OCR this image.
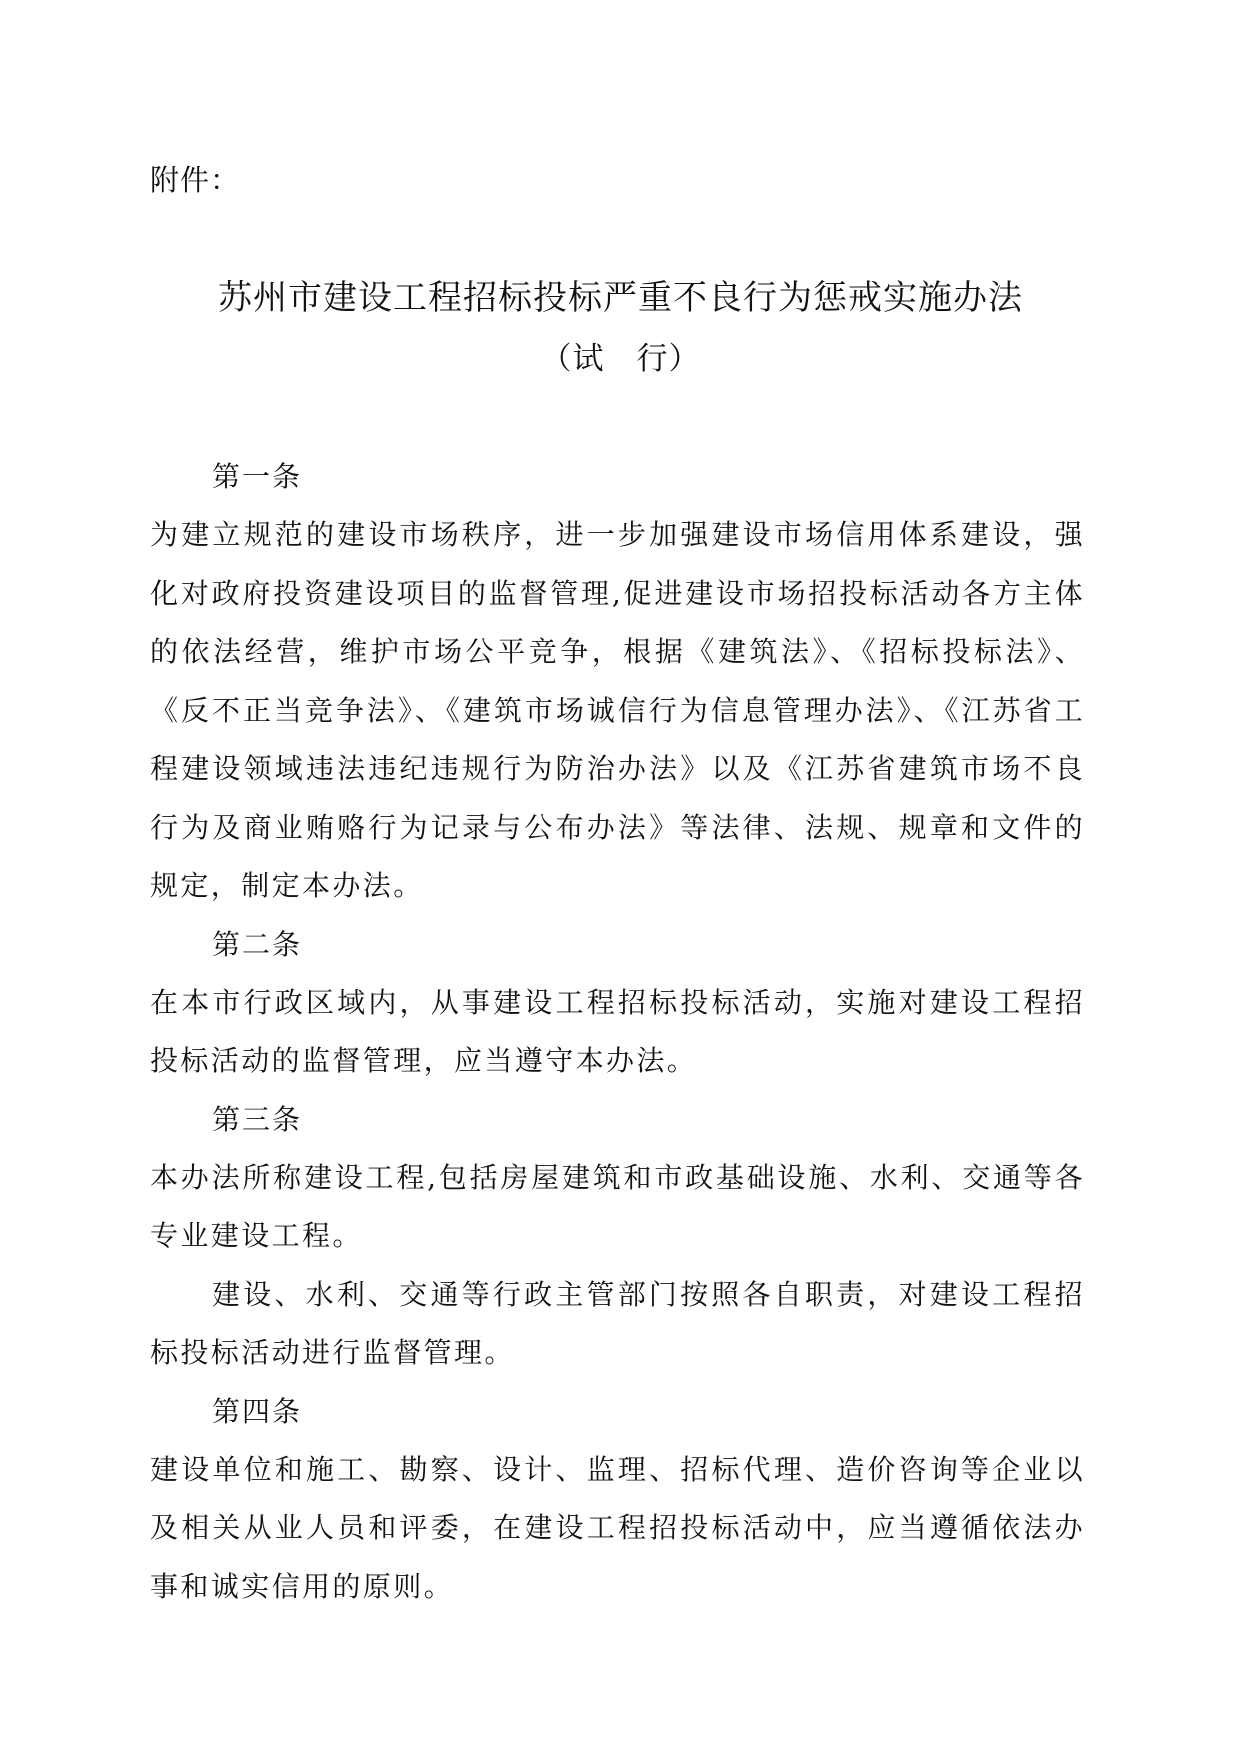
附件：
苏州市建设工程招标投标严重不良行为惩戒实施办法
（试　行）

第一条

为建立规范的建设市场秩序，进一步加强建设市场信用体系建设，强化对政府投资建设项目的监督管理,促进建设市场招投标活动各方主体的依法经营，维护市场公平竞争，根据《建筑法》、《招标投标法》、《反不正当竞争法》、《建筑市场诚信行为信息管理办法》、《江苏省工程建设领域违法违纪违规行为防治办法》以及《江苏省建筑市场不良行为及商业贿赂行为记录与公布办法》等法律、法规、规章和文件的规定，制定本办法。

第二条

在本市行政区域内，从事建设工程招标投标活动，实施对建设工程招投标活动的监督管理，应当遵守本办法。

第三条

本办法所称建设工程,包括房屋建筑和市政基础设施、水利、交通等各专业建设工程。

建设、水利、交通等行政主管部门按照各自职责，对建设工程招标投标活动进行监督管理。

第四条

建设单位和施工、勘察、设计、监理、招标代理、造价咨询等企业以及相关从业人员和评委，在建设工程招投标活动中，应当遵循依法办事和诚实信用的原则。
